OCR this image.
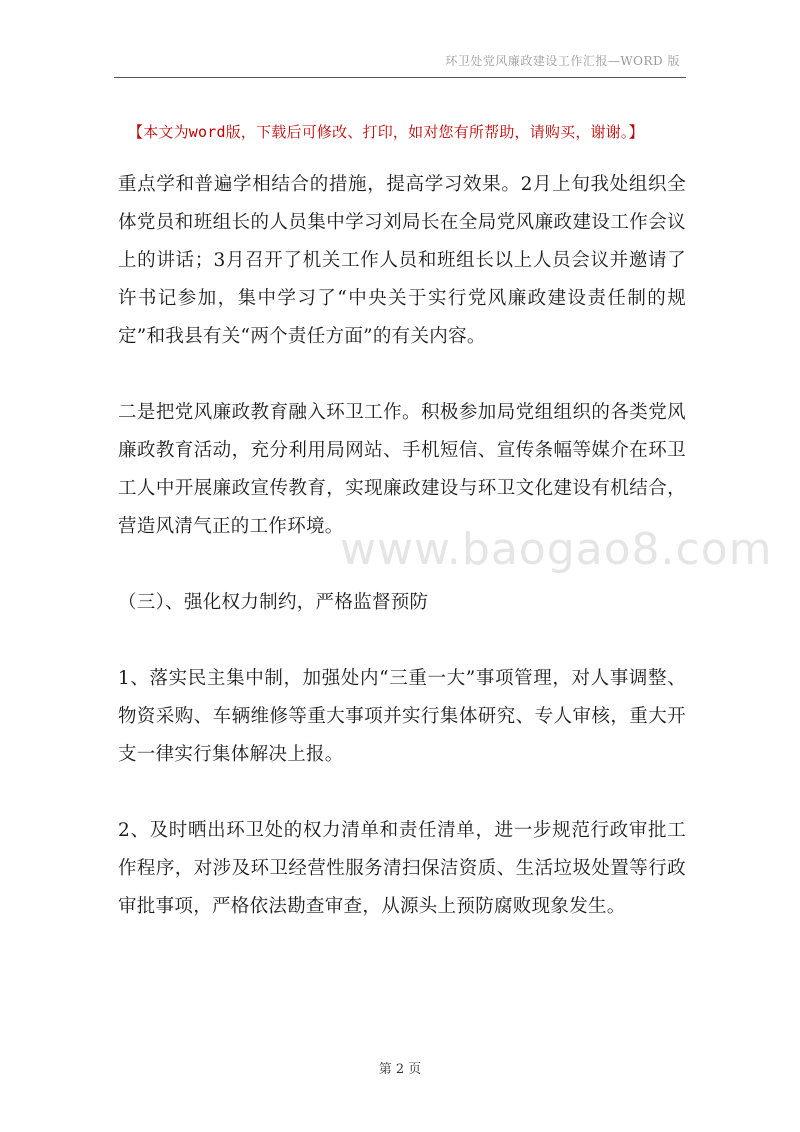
环卫处党风廉政建设工作汇报—WORD 版
【本文为word版，下载后可修改、打印，如对您有所帮助，请购买，谢谢。】

重点学和普遍学相结合的措施，提高学习效果。2月上旬我处组织全体党员和班组长的人员集中学习刘局长在全局党风廉政建设工作会议上的讲话；3月召开了机关工作人员和班组长以上人员会议并邀请了许书记参加，集中学习了“中央关于实行党风廉政建设责任制的规定”和我县有关“两个责任方面”的有关内容。

二是把党风廉政教育融入环卫工作。积极参加局党组组织的各类党风廉政教育活动，充分利用局网站、手机短信、宣传条幅等媒介在环卫工人中开展廉政宣传教育，实现廉政建设与环卫文化建设有机结合，营造风清气正的工作环境。

（三）、强化权力制约，严格监督预防

1、落实民主集中制，加强处内“三重一大”事项管理，对人事调整、物资采购、车辆维修等重大事项并实行集体研究、专人审核，重大开支一律实行集体解决上报。

2、及时晒出环卫处的权力清单和责任清单，进一步规范行政审批工作程序，对涉及环卫经营性服务清扫保洁资质、生活垃圾处置等行政审批事项，严格依法勘查审查，从源头上预防腐败现象发生。

www.baogao8.com
第 2 页
